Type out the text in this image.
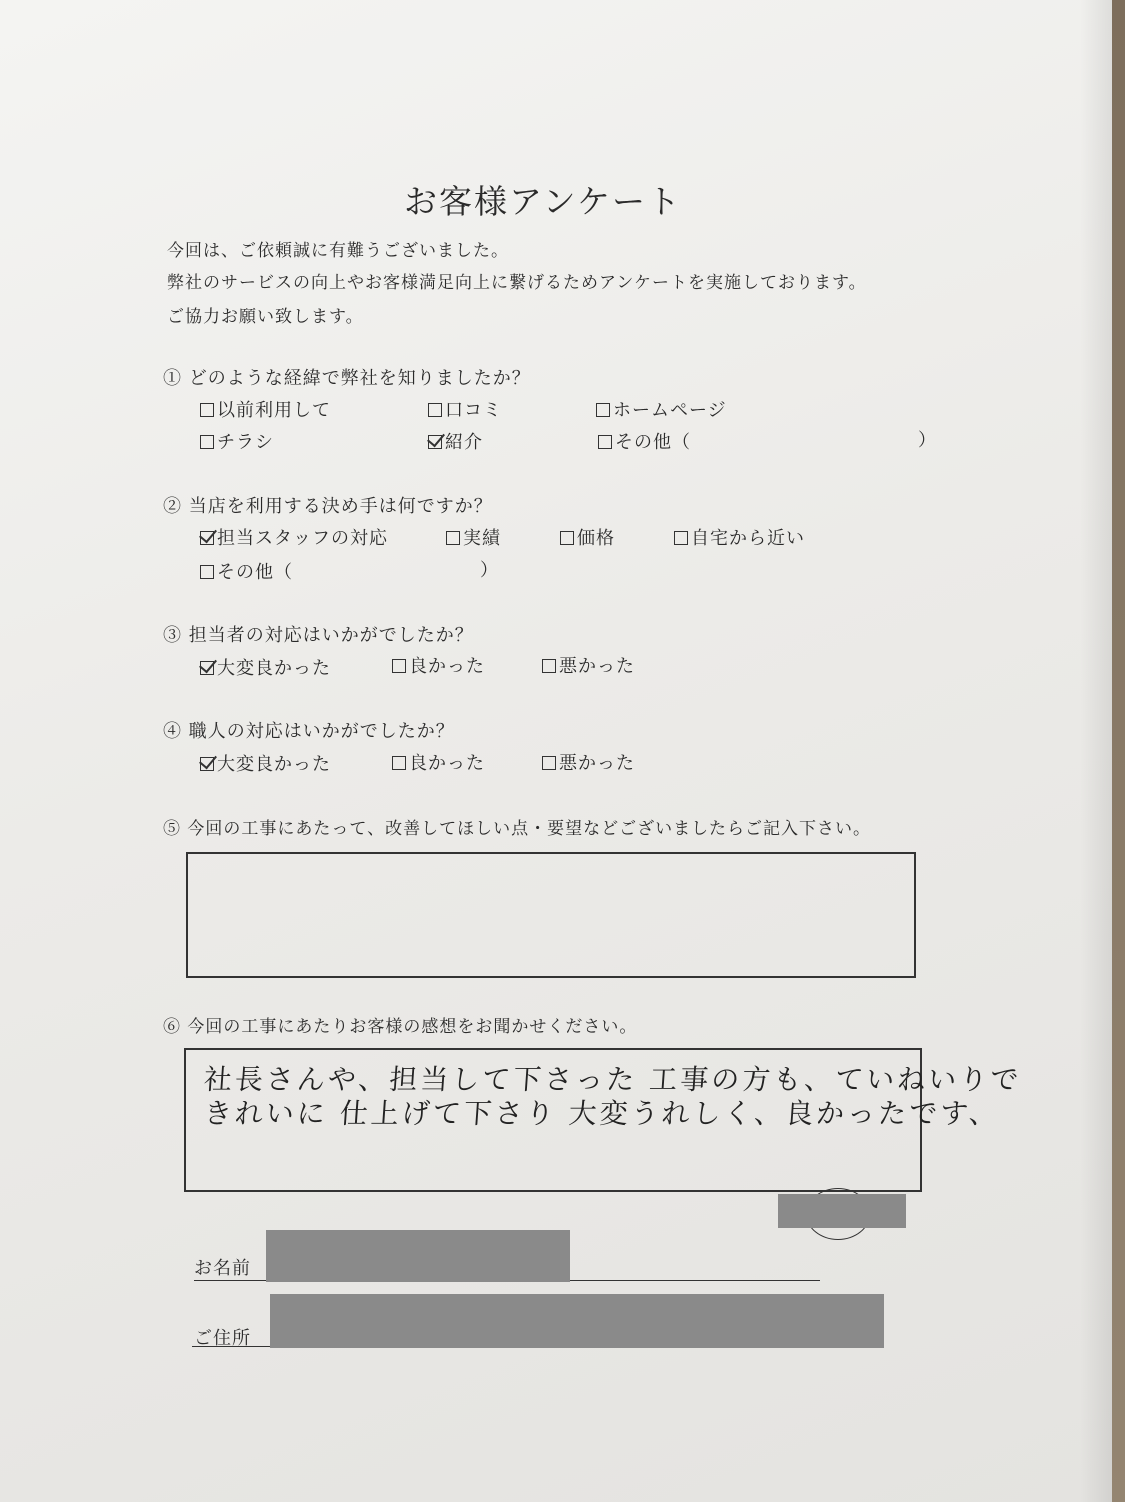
お客様アンケート
今回は、ご依頼誠に有難うございました。
弊社のサービスの向上やお客様満足向上に繋げるためアンケートを実施しております。
ご協力お願い致します。
① どのような経緯で弊社を知りましたか？
以前利用して	口コミ	ホームページ
チラシ	紹介	その他（	）
② 当店を利用する決め手は何ですか？
担当スタッフの対応	実績	価格	自宅から近い
その他（	）
③ 担当者の対応はいかがでしたか？
大変良かった	良かった	悪かった
④ 職人の対応はいかがでしたか？
大変良かった	良かった	悪かった
⑤ 今回の工事にあたって、改善してほしい点・要望などございましたらご記入下さい。
⑥ 今回の工事にあたりお客様の感想をお聞かせください。
社長さんや、担当して下さった 工事の方も、ていねいりで
きれいに 仕上げて下さり 大変うれしく、良かったです、
お名前
ご住所
